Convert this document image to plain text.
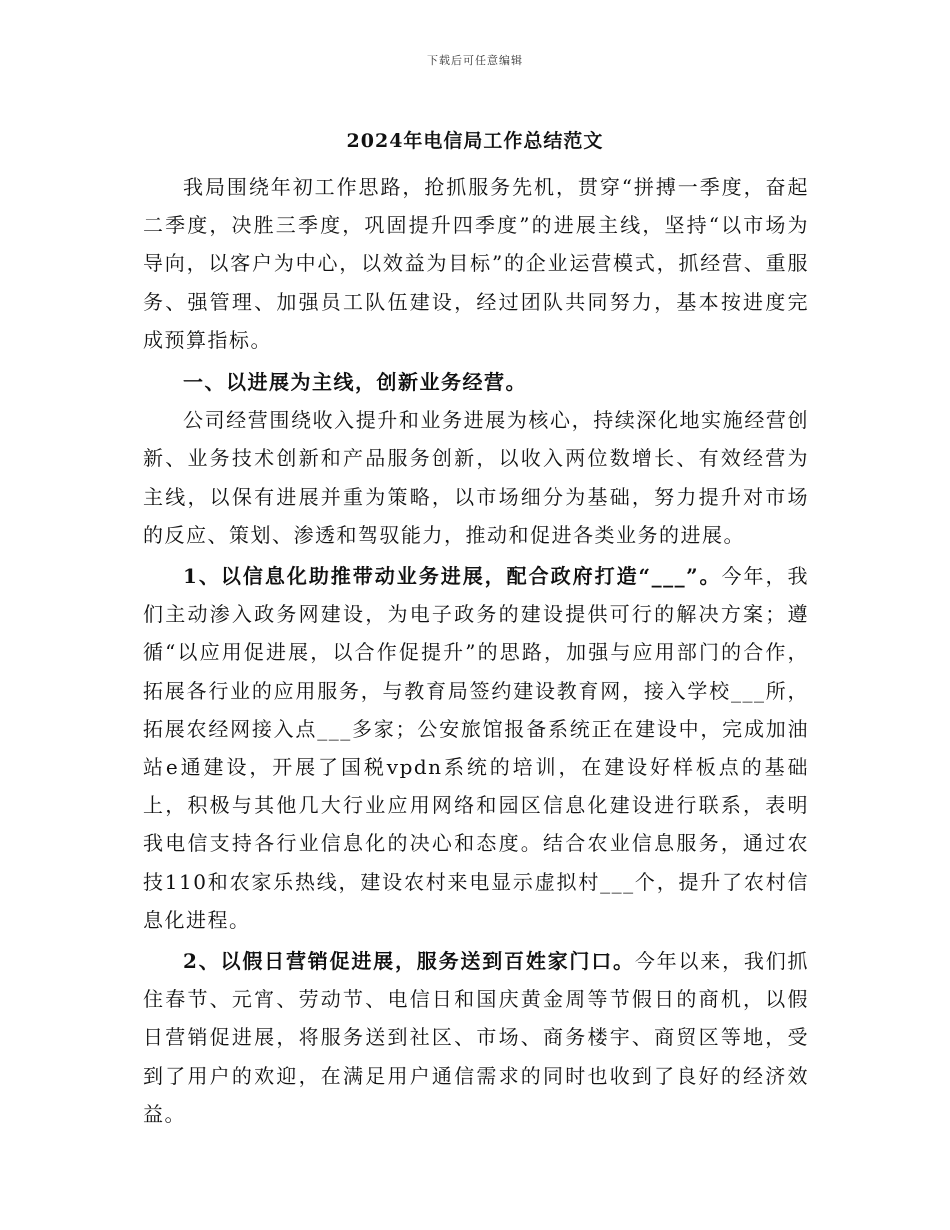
下载后可任意编辑
2024年电信局工作总结范文

我局围绕年初工作思路，抢抓服务先机，贯穿“拼搏一季度，奋起二季度，决胜三季度，巩固提升四季度”的进展主线，坚持“以市场为导向，以客户为中心，以效益为目标”的企业运营模式，抓经营、重服务、强管理、加强员工队伍建设，经过团队共同努力，基本按进度完成预算指标。

一、以进展为主线，创新业务经营。

公司经营围绕收入提升和业务进展为核心，持续深化地实施经营创新、业务技术创新和产品服务创新，以收入两位数增长、有效经营为主线，以保有进展并重为策略，以市场细分为基础，努力提升对市场的反应、策划、渗透和驾驭能力，推动和促进各类业务的进展。

1、以信息化助推带动业务进展，配合政府打造“___”。今年，我们主动渗入政务网建设，为电子政务的建设提供可行的解决方案；遵循“以应用促进展，以合作促提升”的思路，加强与应用部门的合作，拓展各行业的应用服务，与教育局签约建设教育网，接入学校___所，拓展农经网接入点___多家；公安旅馆报备系统正在建设中，完成加油站e通建设，开展了国税vpdn系统的培训，在建设好样板点的基础上，积极与其他几大行业应用网络和园区信息化建设进行联系，表明我电信支持各行业信息化的决心和态度。结合农业信息服务，通过农技110和农家乐热线，建设农村来电显示虚拟村___个，提升了农村信息化进程。

2、以假日营销促进展，服务送到百姓家门口。今年以来，我们抓住春节、元宵、劳动节、电信日和国庆黄金周等节假日的商机，以假日营销促进展，将服务送到社区、市场、商务楼宇、商贸区等地，受到了用户的欢迎，在满足用户通信需求的同时也收到了良好的经济效益。
